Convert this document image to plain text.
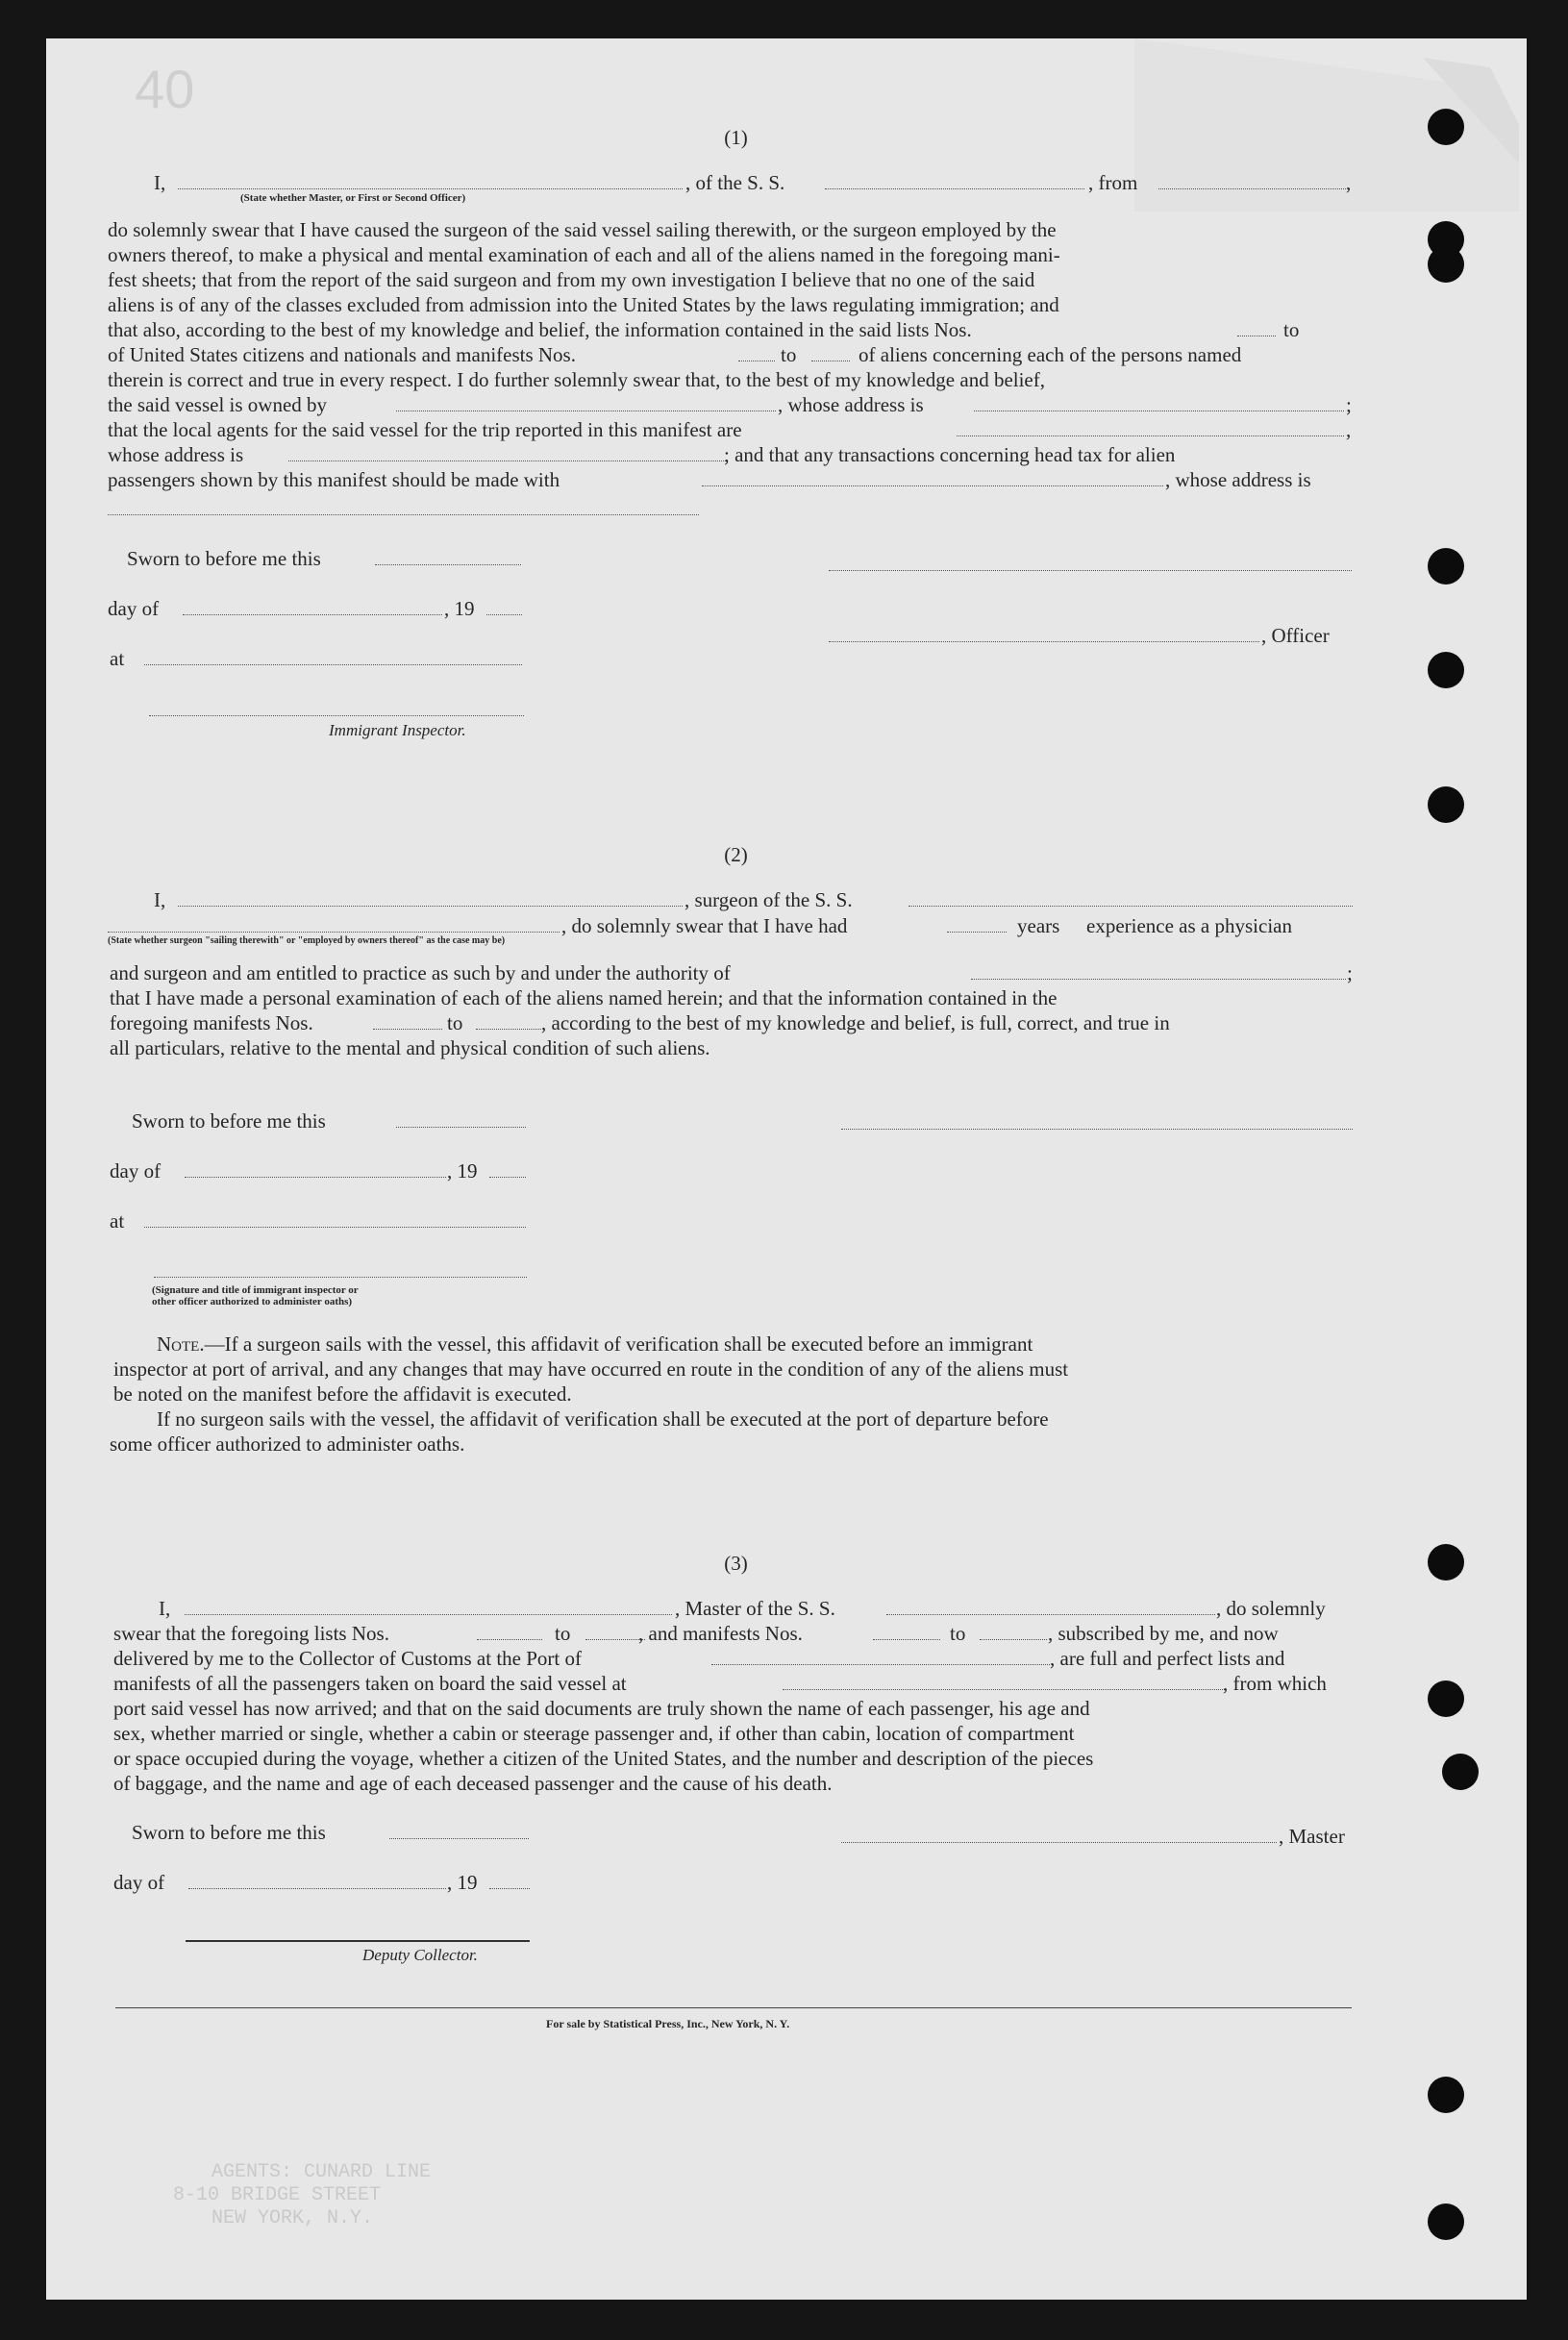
40
(1)
I,	, of the S. S.	, from	,
(State whether Master, or First or Second Officer)
do solemnly swear that I have caused the surgeon of the said vessel sailing therewith, or the surgeon employed by the
owners thereof, to make a physical and mental examination of each and all of the aliens named in the foregoing mani-
fest sheets; that from the report of the said surgeon and from my own investigation I believe that no one of the said
aliens is of any of the classes excluded from admission into the United States by the laws regulating immigration; and
that also, according to the best of my knowledge and belief, the information contained in the said lists Nos.	to
of United States citizens and nationals and manifests Nos.	to	of aliens concerning each of the persons named
therein is correct and true in every respect. I do further solemnly swear that, to the best of my knowledge and belief,
the said vessel is owned by	, whose address is	;
that the local agents for the said vessel for the trip reported in this manifest are	,
whose address is	; and that any transactions concerning head tax for alien
passengers shown by this manifest should be made with	, whose address is
Sworn to before me this
day of	, 19
at
, Officer
Immigrant Inspector.
(2)
I,	, surgeon of the S. S.
, do solemnly swear that I have had	years experience as a physician
(State whether surgeon "sailing therewith" or "employed by owners thereof" as the case may be)
and surgeon and am entitled to practice as such by and under the authority of	;
that I have made a personal examination of each of the aliens named herein; and that the information contained in the
foregoing manifests Nos.	to	, according to the best of my knowledge and belief, is full, correct, and true in
all particulars, relative to the mental and physical condition of such aliens.
Sworn to before me this
day of	, 19
at
(Signature and title of immigrant inspector or
other officer authorized to administer oaths)
Note.—If a surgeon sails with the vessel, this affidavit of verification shall be executed before an immigrant
inspector at port of arrival, and any changes that may have occurred en route in the condition of any of the aliens must
be noted on the manifest before the affidavit is executed.
If no surgeon sails with the vessel, the affidavit of verification shall be executed at the port of departure before
some officer authorized to administer oaths.
(3)
I,	, Master of the S. S.	, do solemnly
swear that the foregoing lists Nos.	to	, and manifests Nos.	to	, subscribed by me, and now
delivered by me to the Collector of Customs at the Port of	, are full and perfect lists and
manifests of all the passengers taken on board the said vessel at	, from which
port said vessel has now arrived; and that on the said documents are truly shown the name of each passenger, his age and
sex, whether married or single, whether a cabin or steerage passenger and, if other than cabin, location of compartment
or space occupied during the voyage, whether a citizen of the United States, and the number and description of the pieces
of baggage, and the name and age of each deceased passenger and the cause of his death.
Sworn to before me this	, Master
day of	, 19
Deputy Collector.
For sale by Statistical Press, Inc., New York, N. Y.
AGENTS: CUNARD LINE
8-10 BRIDGE STREET
NEW YORK, N.Y.
